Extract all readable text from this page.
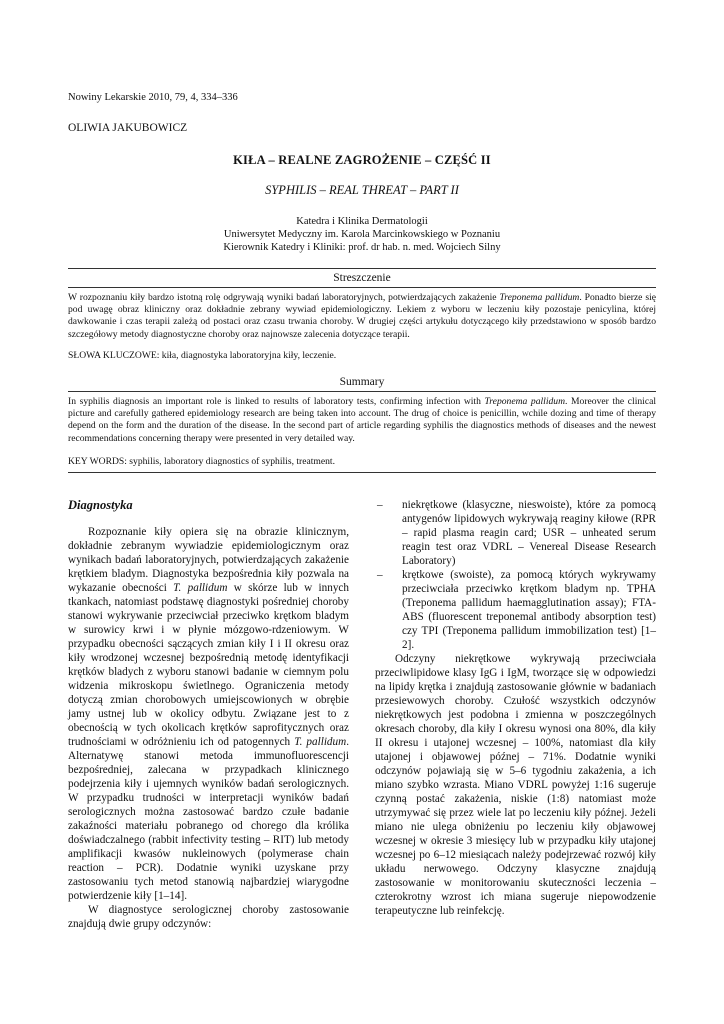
Nowiny Lekarskie 2010, 79, 4, 334–336
OLIWIA JAKUBOWICZ
KIŁA – REALNE ZAGROŻENIE – CZĘŚĆ II
SYPHILIS – REAL THREAT – PART II
Katedra i Klinika Dermatologii
Uniwersytet Medyczny im. Karola Marcinkowskiego w Poznaniu
Kierownik Katedry i Kliniki: prof. dr hab. n. med. Wojciech Silny
Streszczenie
W rozpoznaniu kiły bardzo istotną rolę odgrywają wyniki badań laboratoryjnych, potwierdzających zakażenie Treponema pallidum. Ponadto bierze się pod uwagę obraz kliniczny oraz dokładnie zebrany wywiad epidemiologiczny. Lekiem z wyboru w leczeniu kiły pozostaje penicylina, której dawkowanie i czas terapii zależą od postaci oraz czasu trwania choroby. W drugiej części artykułu dotyczącego kiły przedstawiono w sposób bardzo szczegółowy metody diagnostyczne choroby oraz najnowsze zalecenia dotyczące terapii.
SŁOWA KLUCZOWE: kiła, diagnostyka laboratoryjna kiły, leczenie.
Summary
In syphilis diagnosis an important role is linked to results of laboratory tests, confirming infection with Treponema pallidum. Moreover the clinical picture and carefully gathered epidemiology research are being taken into account. The drug of choice is penicillin, wchile dozing and time of therapy depend on the form and the duration of the disease. In the second part of article regarding syphilis the diagnostics methods of diseases and the newest recommendations concerning therapy were presented in very detailed way.
KEY WORDS: syphilis, laboratory diagnostics of syphilis, treatment.
Diagnostyka

Rozpoznanie kiły opiera się na obrazie klinicznym, dokładnie zebranym wywiadzie epidemiologicznym oraz wynikach badań laboratoryjnych, potwierdzających zakażenie krętkiem bladym. Diagnostyka bezpośrednia kiły pozwala na wykazanie obecności T. pallidum w skórze lub w innych tkankach, natomiast podstawę diagnostyki pośredniej choroby stanowi wykrywanie przeciwciał przeciwko krętkom bladym w surowicy krwi i w płynie mózgowo-rdzeniowym. W przypadku obecności sączących zmian kiły I i II okresu oraz kiły wrodzonej wczesnej bezpośrednią metodę identyfikacji krętków bladych z wyboru stanowi badanie w ciemnym polu widzenia mikroskopu świetlnego. Ograniczenia metody dotyczą zmian chorobowych umiejscowionych w obrębie jamy ustnej lub w okolicy odbytu. Związane jest to z obecnością w tych okolicach krętków saprofitycznych oraz trudnościami w odróżnieniu ich od patogennych T. pallidum. Alternatywę stanowi metoda immunofluorescencji bezpośredniej, zalecana w przypadkach klinicznego podejrzenia kiły i ujemnych wyników badań serologicznych. W przypadku trudności w interpretacji wyników badań serologicznych można zastosować bardzo czułe badanie zakaźności materiału pobranego od chorego dla królika doświadczalnego (rabbit infectivity testing – RIT) lub metody amplifikacji kwasów nukleinowych (polymerase chain reaction – PCR). Dodatnie wyniki uzyskane przy zastosowaniu tych metod stanowią najbardziej wiarygodne potwierdzenie kiły [1–14].

W diagnostyce serologicznej choroby zastosowanie znajdują dwie grupy odczynów:

– niekrętkowe (klasyczne, nieswoiste), które za pomocą antygenów lipidowych wykrywają reaginy kiłowe (RPR – rapid plasma reagin card; USR – unheated serum reagin test oraz VDRL – Venereal Disease Research Laboratory)
– krętkowe (swoiste), za pomocą których wykrywamy przeciwciała przeciwko krętkom bladym np. TPHA (Treponema pallidum haemagglutination assay); FTA-ABS (fluorescent treponemal antibody absorption test) czy TPI (Treponema pallidum immobilization test) [1–2].

Odczyny niekrętkowe wykrywają przeciwciała przeciwlipidowe klasy IgG i IgM, tworzące się w odpowiedzi na lipidy krętka i znajdują zastosowanie głównie w badaniach przesiewowych choroby. Czułość wszystkich odczynów niekrętkowych jest podobna i zmienna w poszczególnych okresach choroby, dla kiły I okresu wynosi ona 80%, dla kiły II okresu i utajonej wczesnej – 100%, natomiast dla kiły utajonej i objawowej późnej – 71%. Dodatnie wyniki odczynów pojawiają się w 5–6 tygodniu zakażenia, a ich miano szybko wzrasta. Miano VDRL powyżej 1:16 sugeruje czynną postać zakażenia, niskie (1:8) natomiast może utrzymywać się przez wiele lat po leczeniu kiły późnej. Jeżeli miano nie ulega obniżeniu po leczeniu kiły objawowej wczesnej w okresie 3 miesięcy lub w przypadku kiły utajonej wczesnej po 6–12 miesiącach należy podejrzewać rozwój kiły układu nerwowego. Odczyny klasyczne znajdują zastosowanie w monitorowaniu skuteczności leczenia – czterokrotny wzrost ich miana sugeruje niepowodzenie terapeutyczne lub reinfekcję.
